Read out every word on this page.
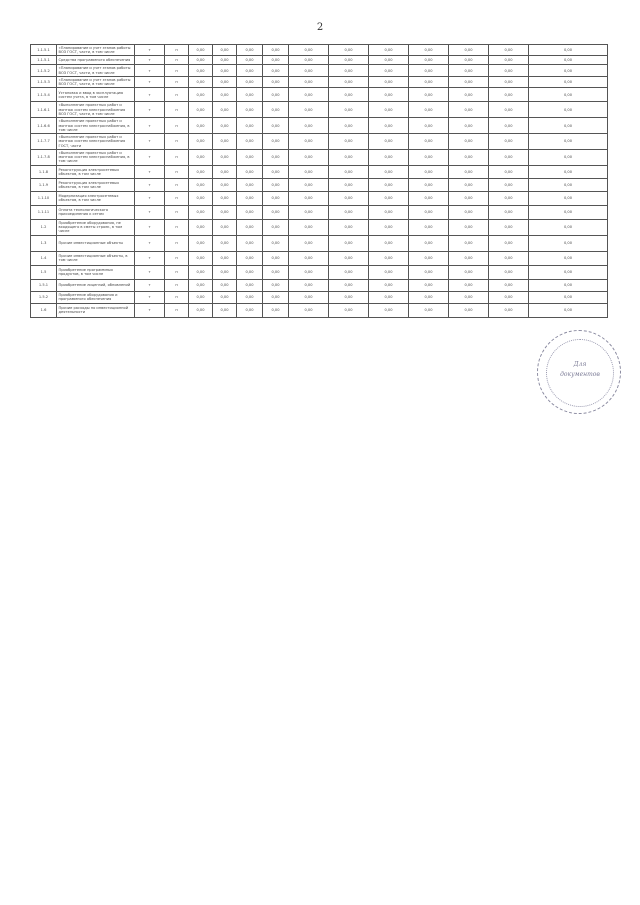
2
1.1.5.1	«Планирование и учет этапов работы ВОЗ ГОСТ, части, в том числе	т	п	0,00	0,00	0,00	0,00	0,00	0,00	0,00	0,00	0,00	0,00	0,00
1.1.5.1	Средства программного обеспечения	т	п	0,00	0,00	0,00	0,00	0,00	0,00	0,00	0,00	0,00	0,00	0,00
1.1.5.2	«Планирование и учет этапов работы ВОЗ ГОСТ, части, в том числе	т	п	0,00	0,00	0,00	0,00	0,00	0,00	0,00	0,00	0,00	0,00	0,00
1.1.5.3	«Планирование и учет этапов работы ВОЗ ГОСТ, части, в том числе	т	п	0,00	0,00	0,00	0,00	0,00	0,00	0,00	0,00	0,00	0,00	0,00
1.1.5.4	Установка и ввод в эксплуатацию систем учета, в том числе	т	п	0,00	0,00	0,00	0,00	0,00	0,00	0,00	0,00	0,00	0,00	0,00
1.1.6.1	«Выполнение проектных работ и монтаж систем электроснабжения ВОЗ ГОСТ, части, в том числе	т	п	0,00	0,00	0,00	0,00	0,00	0,00	0,00	0,00	0,00	0,00	0,00
1.1.6.6	«Выполнение проектных работ и монтаж систем электроснабжения, в том числе	т	п	0,00	0,00	0,00	0,00	0,00	0,00	0,00	0,00	0,00	0,00	0,00
1.1.7.7	«Выполнение проектных работ и монтаж систем электроснабжения ГОСТ, части	т	п	0,00	0,00	0,00	0,00	0,00	0,00	0,00	0,00	0,00	0,00	0,00
1.1.7.8	«Выполнение проектных работ и монтаж систем электроснабжения, в том числе	т	п	0,00	0,00	0,00	0,00	0,00	0,00	0,00	0,00	0,00	0,00	0,00
1.1.8	Реконструкция электросетевых объектов, в том числе	т	п	0,00	0,00	0,00	0,00	0,00	0,00	0,00	0,00	0,00	0,00	0,00
1.1.9	Реконструкция электросетевых объектов, в том числе	т	п	0,00	0,00	0,00	0,00	0,00	0,00	0,00	0,00	0,00	0,00	0,00
1.1.10	Модернизация электросетевых объектов, в том числе	т	п	0,00	0,00	0,00	0,00	0,00	0,00	0,00	0,00	0,00	0,00	0,00
1.1.11	Оплата технологического присоединения к сетям	т	п	0,00	0,00	0,00	0,00	0,00	0,00	0,00	0,00	0,00	0,00	0,00
1.2	Приобретение оборудования, не входящего в сметы строек, в том числе	т	п	0,00	0,00	0,00	0,00	0,00	0,00	0,00	0,00	0,00	0,00	0,00
1.3	Прочие инвестиционные объекты	т	п	0,00	0,00	0,00	0,00	0,00	0,00	0,00	0,00	0,00	0,00	0,00
1.4	Прочие инвестиционные объекты, в том числе	т	п	0,00	0,00	0,00	0,00	0,00	0,00	0,00	0,00	0,00	0,00	0,00
1.5	Приобретение программных продуктов, в том числе	т	п	0,00	0,00	0,00	0,00	0,00	0,00	0,00	0,00	0,00	0,00	0,00
1.5.1	Приобретение лицензий, обновлений	т	п	0,00	0,00	0,00	0,00	0,00	0,00	0,00	0,00	0,00	0,00	0,00
1.5.2	Приобретение оборудования и программного обеспечения	т	п	0,00	0,00	0,00	0,00	0,00	0,00	0,00	0,00	0,00	0,00	0,00
1.6	Прочие расходы по инвестиционной деятельности	т	п	0,00	0,00	0,00	0,00	0,00	0,00	0,00	0,00	0,00	0,00	0,00
Для
документов
